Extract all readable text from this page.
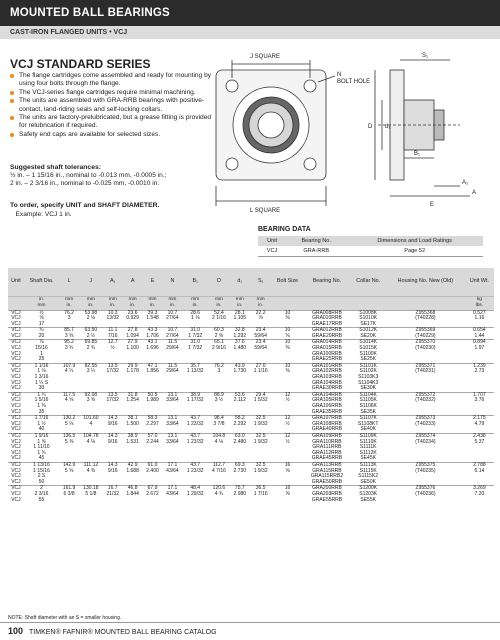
MOUNTED BALL BEARINGS
CAST-IRON FLANGED UNITS • VCJ
VCJ STANDARD SERIES
The flange cartridges come assembled and ready for mounting by using four bolts through the flange.
The VCJ-series flange cartridges require minimal machining.
The units are assembled with GRA-RRB bearings with positive-contact, land-riding seals and self-locking collars.
The units are factory-prelubricated, but a grease fitting is provided for relubrication if required.
Safety end caps are available for selected sizes.
Suggested shaft tolerances:
½ in. – 1 15/16 in., nominal to -0.013 mm, -0.0005 in.;
2 in. – 2 3/16 in., nominal to -0.025 mm, -0.0010 in.
To order, specify UNIT and SHAFT DIAMETER.
Example: VCJ 1 in.
J SQUARE
N
BOLT HOLE
L SQUARE
S₁
B₁
D d₁
A₁
A
E
BEARING DATA
Unit	Bearing No.	Dimensions and Load Ratings
VCJ	GRA-RRB	Page 52
Unit	Shaft Dia.	L	J	A₁	A	E	N	B₁	D	d₁	S₁	Bolt Size	Bearing No.	Collar No.	Housing No. New (Old)	Unit Wt.
	in.
mm	mm
in.	mm
in.	mm
in.	mm
in.	mm
in.	mm
in.	mm
in.	mm
in.	mm
in.	mm
in.					kg
lbs.
VCJ	½	76.2	53.98	10.3	23.6	39.3	10.7	28.6	52.4	28.1	22.2	10	GRA008RRB	S1008K	Z955368	0.527
VCJ	⅝	3	2 ⅛	13/32	0.929	1.548	27/64	1 ⅛	2 1/16	1.105	⅞	⅜	GRA010RRB	S1010K	(T40228)	1.16
VCJ	17												GRAE17RRB	SE17K		
VCJ	¾	85.7	63.50	11.1	27.8	43.3	10.7	31.0	60.3	32.8	23.4	10	GRA012RRB	S1012K	Z955369	0.654
VCJ	20	3 ⅜	2 ½	7/16	1.094	1.706	27/64	1 7/32	2 ⅜	1.292	59/64	⅜	GRAE20RRB	SE20K	(T40229)	1.44
VCJ	⅞	95.2	69.85	12.7	27.9	43.1	11.5	31.0	65.1	37.6	23.4	10	GRA014RRB	S1014K	Z955370	0.894
VCJ	15/16	3 ¾	2 ¾	½	1.100	1.696	29/64	1 7/32	2 9/16	1.480	59/64	⅜	GRA015RRB	S1015K	(T40230)	1.97
VCJ	1												GRA100RRB	S1100K		
VCJ	25												GRAE25RRB	SE25K		
VCJ	1 1/16	107.9	82.55	13.5	29.9	47.1	11.5	35.7	76.2	43.9	27.0	10	GRA101RRB	S1101K	Z955371	1.239
VCJ	1 ⅛	4 ¼	3 ¼	17/32	1.178	1.856	29/64	1 13/32	3	1.730	1 1/16	⅜	GRA102RRB	S1102K	(T40231)	2.73
VCJ	1 3/16												GRA103RRB	S1103K3		
VCJ	1 ¼ S												GRA104RRB	S1104K3		
VCJ	30												GRAE30RRB	SE30K		
VCJ	1 ¼	117.5	92.08	13.5	31.8	50.5	13.1	38.9	88.9	53.6	29.4	12	GRA104RRB	S1104K	Z955372	1.707
VCJ	1 5/16	4 ⅝	3 ⅝	17/32	1.254	1.989	33/64	1 17/32	3 ½	2.112	1 5/32	½	GRA105RRB	S1105K	(T40232)	3.76
VCJ	1 ⅜												GRA106RRB	S1106K		
VCJ	35												GRAE35RRB	SE35K		
VCJ	1 7/16	130.2	101.60	14.3	38.1	58.3	13.1	43.7	98.4	58.2	32.5	12	GRA107RRB	S1107K	Z955373	2.175
VCJ	1 ½	5 ⅛	4	9/16	1.500	2.297	33/64	1 23/32	3 7/8	2.292	1 9/32	½	GRA108RRB	S1108KT	(T40233)	4.79
VCJ	40												GRAE40RRB	SE40K		
VCJ	1 9/16	136.5	104.78	14.3	38.9	57.0	13.1	43.7	104.8	63.0	32.5	12	GRA109RRB	S1109K	Z955374	2.438
VCJ	1 ⅝	5 ⅜	4 ⅛	9/16	1.531	2.244	33/64	1 23/32	4 ⅛	2.480	1 9/32	½	GRA110RRB	S1110K	(T40234)	5.37
VCJ	1 11/16												GRA111RRB	S1111K		
VCJ	1 ¾												GRA112RRB	S1112K		
VCJ	45												GRAE45RRB	SE45K		
VCJ	1 13/16	142.9	111.12	14.3	42.9	61.0	17.1	43.7	112.7	69.3	32.5	16	GRA113RRB	S1113K	Z955375	2.788
VCJ	1 15/16	5 ⅝	4 ⅜	9/16	1.688	2.400	43/64	1 23/32	4 7/16	2.730	1 9/32	⅝	GRA115RRB	S1115K	(T40235)	6.14
VCJ	2 S												GRA115RRB2	S1115K2		
VCJ	50												GRAE50RRB	SE50K		
VCJ	2	161.9	130.18	16.7	46.8	67.9	17.1	48.4	120.6	75.7	36.5	16	GRA200RRB	S1200K	Z955376	3.269
VCJ	2 3/16	6 3/8	5 1/8	21/32	1.844	2.672	43/64	1 29/32	4 ¾	2.980	1 7/16	⅝	GRA203RRB	S1203K	(T40236)	7.20
VCJ	55												GRAE55RRB	SE55K		
NOTE: Shaft diameter with an S = smaller housing.
100 TIMKEN® FAFNIR® MOUNTED BALL BEARING CATALOG
